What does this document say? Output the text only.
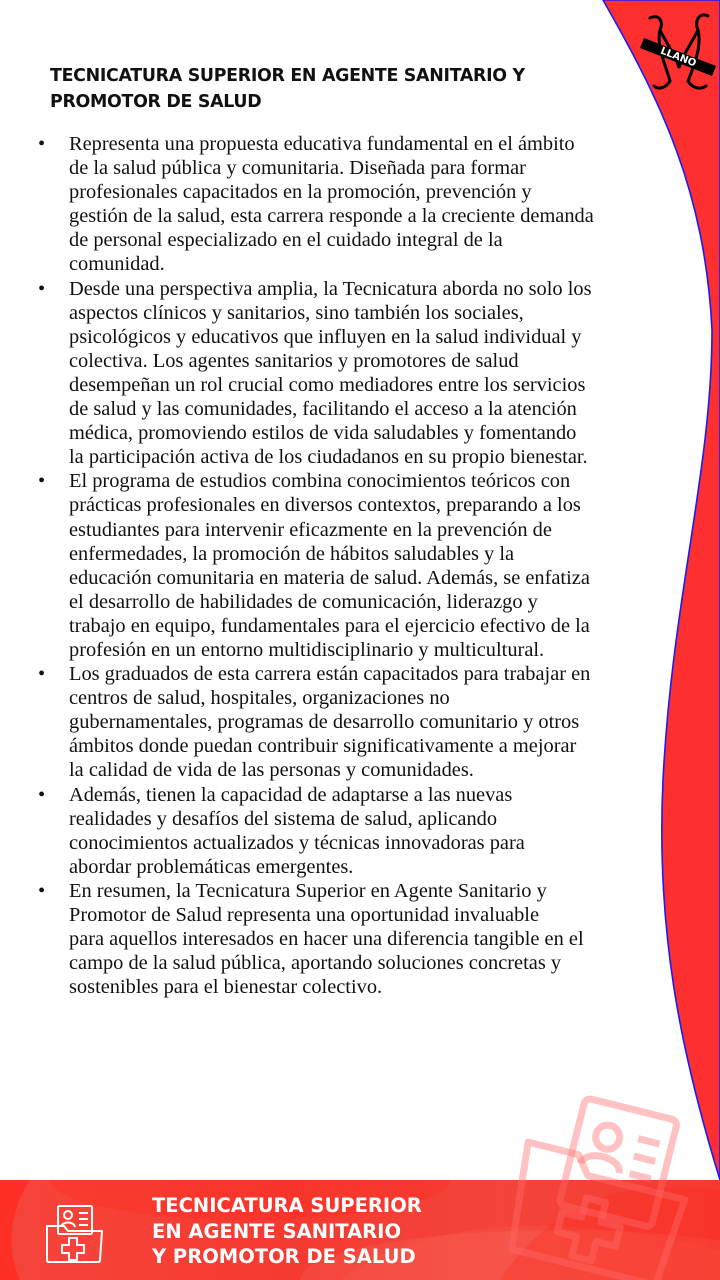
LLANO
TECNICATURA SUPERIOR EN AGENTE SANITARIO Y
PROMOTOR DE SALUD
•	Representa una propuesta educativa fundamental en el ámbito
de la salud pública y comunitaria. Diseñada para formar
profesionales capacitados en la promoción, prevención y
gestión de la salud, esta carrera responde a la creciente demanda
de personal especializado en el cuidado integral de la
comunidad.
•	Desde una perspectiva amplia, la Tecnicatura aborda no solo los
aspectos clínicos y sanitarios, sino también los sociales,
psicológicos y educativos que influyen en la salud individual y
colectiva. Los agentes sanitarios y promotores de salud
desempeñan un rol crucial como mediadores entre los servicios
de salud y las comunidades, facilitando el acceso a la atención
médica, promoviendo estilos de vida saludables y fomentando
la participación activa de los ciudadanos en su propio bienestar.
•	El programa de estudios combina conocimientos teóricos con
prácticas profesionales en diversos contextos, preparando a los
estudiantes para intervenir eficazmente en la prevención de
enfermedades, la promoción de hábitos saludables y la
educación comunitaria en materia de salud. Además, se enfatiza
el desarrollo de habilidades de comunicación, liderazgo y
trabajo en equipo, fundamentales para el ejercicio efectivo de la
profesión en un entorno multidisciplinario y multicultural.
•	Los graduados de esta carrera están capacitados para trabajar en
centros de salud, hospitales, organizaciones no
gubernamentales, programas de desarrollo comunitario y otros
ámbitos donde puedan contribuir significativamente a mejorar
la calidad de vida de las personas y comunidades.
•	Además, tienen la capacidad de adaptarse a las nuevas
realidades y desafíos del sistema de salud, aplicando
conocimientos actualizados y técnicas innovadoras para
abordar problemáticas emergentes.
•	En resumen, la Tecnicatura Superior en Agente Sanitario y
Promotor de Salud representa una oportunidad invaluable
para aquellos interesados en hacer una diferencia tangible en el
campo de la salud pública, aportando soluciones concretas y
sostenibles para el bienestar colectivo.
TECNICATURA SUPERIOR
EN AGENTE SANITARIO
Y PROMOTOR DE SALUD
